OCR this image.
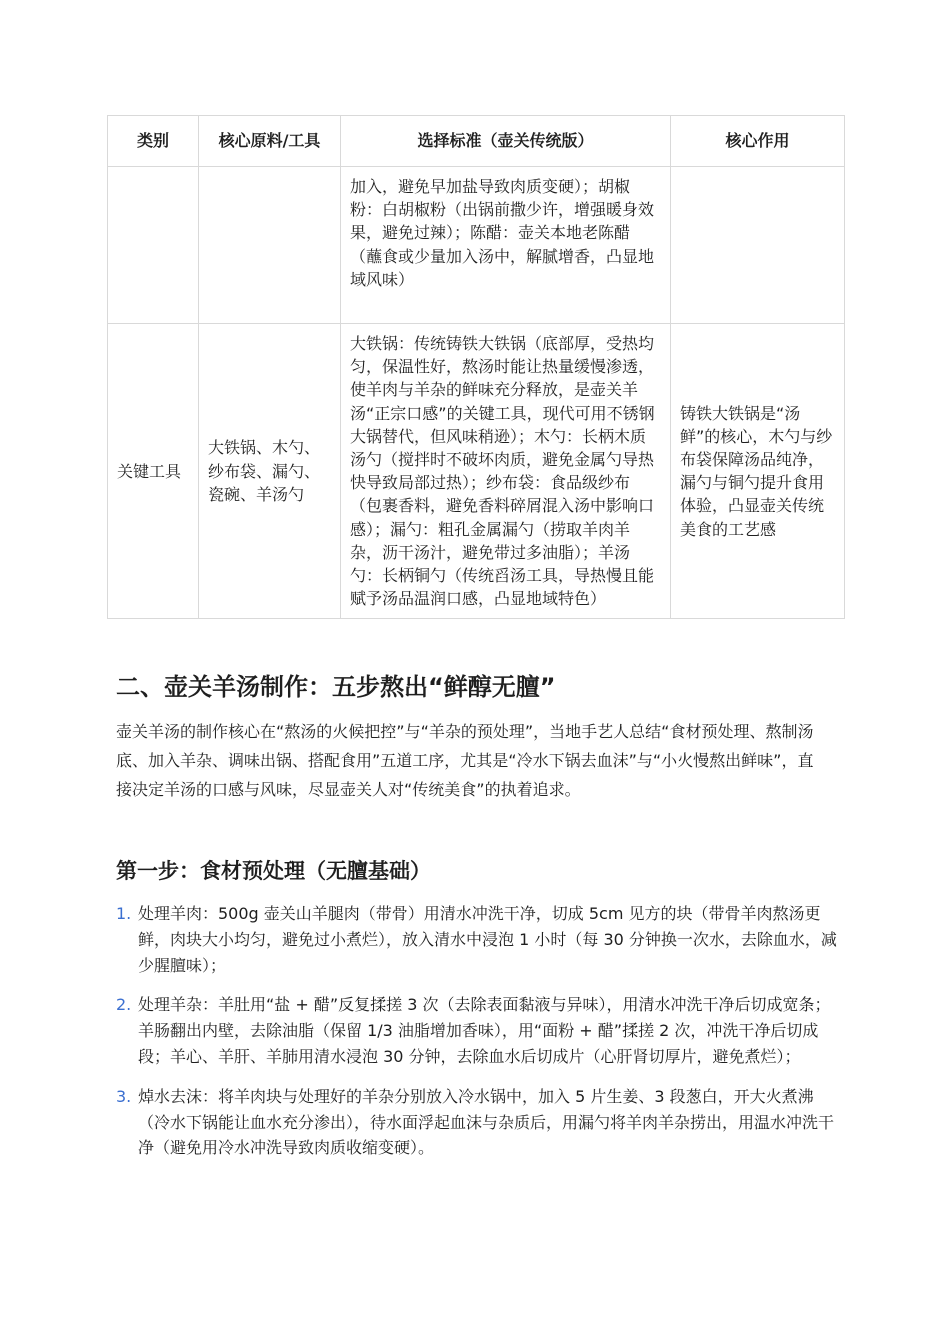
类别	核心原料/工具	选择标准（壶关传统版）	核心作用
		加入，避免早加盐导致肉质变硬）；胡椒粉：白胡椒粉（出锅前撒少许，增强暖身效果，避免过辣）；陈醋：壶关本地老陈醋（蘸食或少量加入汤中，解腻增香，凸显地域风味）	
关键工具	大铁锅、木勺、纱布袋、漏勺、瓷碗、羊汤勺	大铁锅：传统铸铁大铁锅（底部厚，受热均匀，保温性好，熬汤时能让热量缓慢渗透，使羊肉与羊杂的鲜味充分释放，是壶关羊汤“正宗口感”的关键工具，现代可用不锈钢大锅替代，但风味稍逊）；木勺：长柄木质汤勺（搅拌时不破坏肉质，避免金属勺导热快导致局部过热）；纱布袋：食品级纱布（包裹香料，避免香料碎屑混入汤中影响口感）；漏勺：粗孔金属漏勺（捞取羊肉羊杂，沥干汤汁，避免带过多油脂）；羊汤勺：长柄铜勺（传统舀汤工具，导热慢且能赋予汤品温润口感，凸显地域特色）	铸铁大铁锅是“汤鲜”的核心，木勺与纱布袋保障汤品纯净，漏勺与铜勺提升食用体验，凸显壶关传统美食的工艺感
二、壶关羊汤制作：五步熬出“鲜醇无膻”

壶关羊汤的制作核心在“熬汤的火候把控”与“羊杂的预处理”，当地手艺人总结“食材预处理、熬制汤底、加入羊杂、调味出锅、搭配食用”五道工序，尤其是“冷水下锅去血沫”与“小火慢熬出鲜味”，直接决定羊汤的口感与风味，尽显壶关人对“传统美食”的执着追求。

第一步：食材预处理（无膻基础）
1. 处理羊肉：500g 壶关山羊腿肉（带骨）用清水冲洗干净，切成 5cm 见方的块（带骨羊肉熬汤更鲜，肉块大小均匀，避免过小煮烂），放入清水中浸泡 1 小时（每 30 分钟换一次水，去除血水，减少腥膻味）；
2. 处理羊杂：羊肚用“盐 + 醋”反复揉搓 3 次（去除表面黏液与异味），用清水冲洗干净后切成宽条；羊肠翻出内壁，去除油脂（保留 1/3 油脂增加香味），用“面粉 + 醋”揉搓 2 次，冲洗干净后切成段；羊心、羊肝、羊肺用清水浸泡 30 分钟，去除血水后切成片（心肝肾切厚片，避免煮烂）；
3. 焯水去沫：将羊肉块与处理好的羊杂分别放入冷水锅中，加入 5 片生姜、3 段葱白，开大火煮沸（冷水下锅能让血水充分渗出），待水面浮起血沫与杂质后，用漏勺将羊肉羊杂捞出，用温水冲洗干净（避免用冷水冲洗导致肉质收缩变硬）。
